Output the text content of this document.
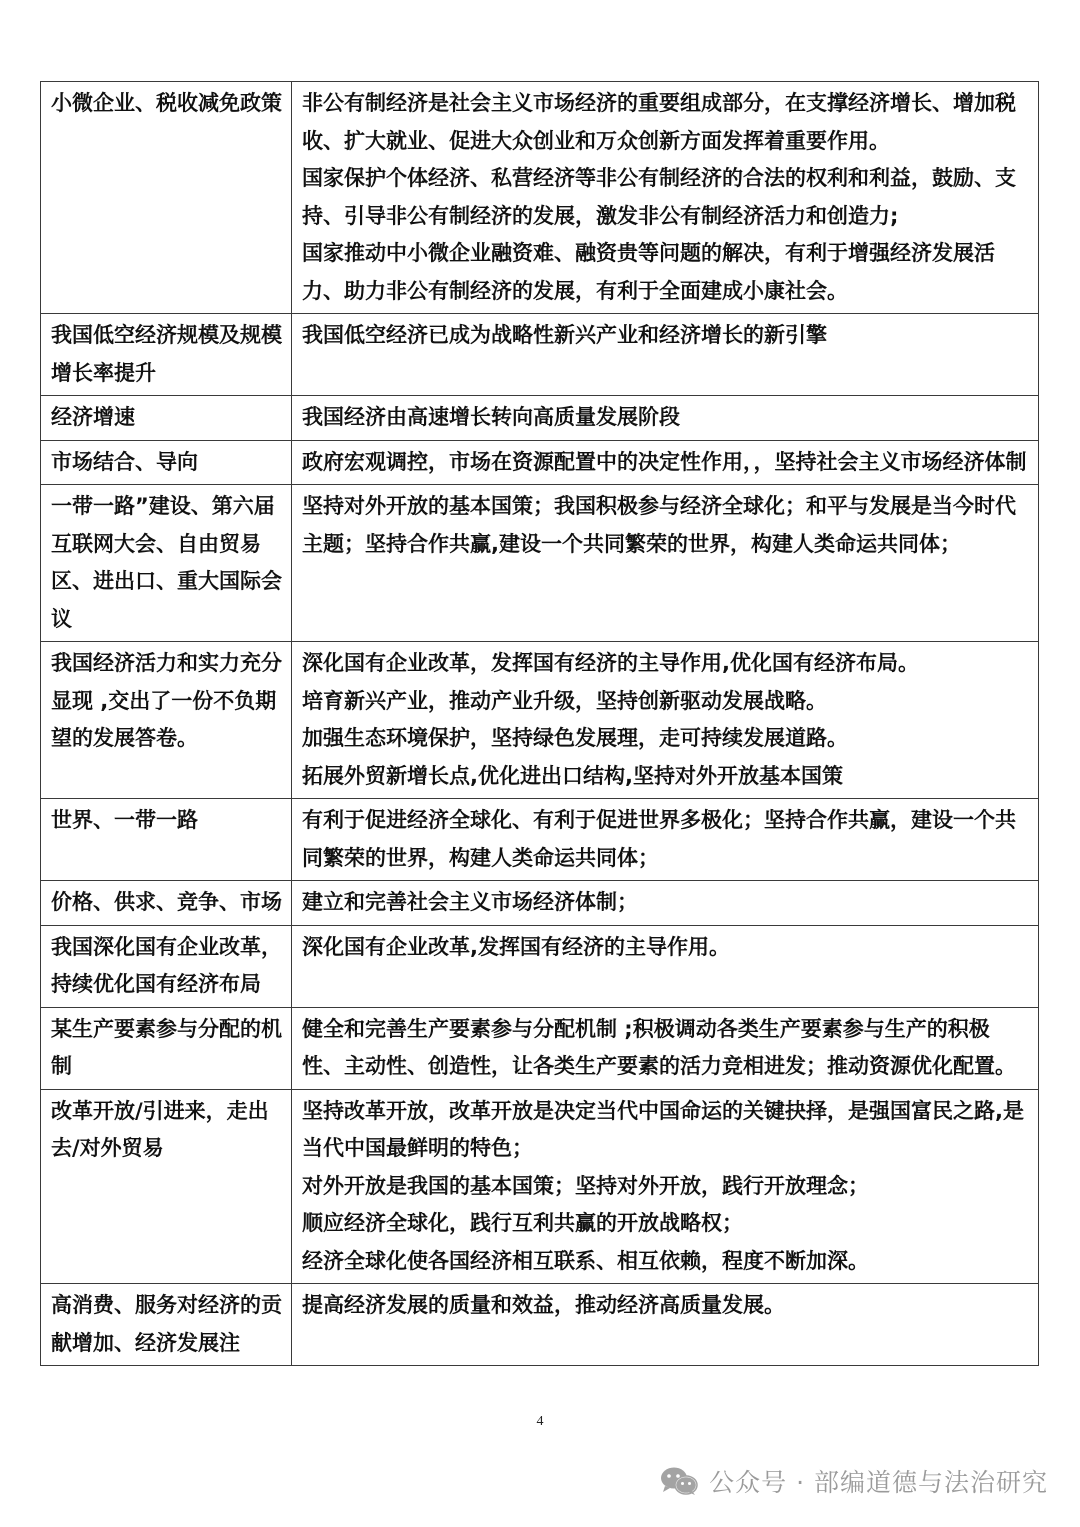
小微企业、税收减免政策	非公有制经济是社会主义市场经济的重要组成部分，在支撑经济增长、增加税收、扩大就业、促进大众创业和万众创新方面发挥着重要作用。
国家保护个体经济、私营经济等非公有制经济的合法的权利和利益，鼓励、支持、引导非公有制经济的发展，激发非公有制经济活力和创造力;
国家推动中小微企业融资难、融资贵等问题的解决，有利于增强经济发展活力、助力非公有制经济的发展，有利于全面建成小康社会。

我国低空经济规模及规模增长率提升	我国低空经济已成为战略性新兴产业和经济增长的新引擎

经济增速	我国经济由高速增长转向高质量发展阶段

市场结合、导向	政府宏观调控，市场在资源配置中的决定性作用，，坚持社会主义市场经济体制

一带一路”建设、第六届互联网大会、自由贸易区、进出口、重大国际会议	坚持对外开放的基本国策；我国积极参与经济全球化；和平与发展是当今时代主题；坚持合作共赢,建设一个共同繁荣的世界，构建人类命运共同体；

我国经济活力和实力充分显现 ,交出了一份不负期望的发展答卷。	深化国有企业改革，发挥国有经济的主导作用,优化国有经济布局。
培育新兴产业，推动产业升级，坚持创新驱动发展战略。
加强生态环境保护，坚持绿色发展理，走可持续发展道路。
拓展外贸新增长点,优化进出口结构,坚持对外开放基本国策

世界、一带一路	有利于促进经济全球化、有利于促进世界多极化；坚持合作共赢，建设一个共同繁荣的世界，构建人类命运共同体；

价格、供求、竞争、市场	建立和完善社会主义市场经济体制；

我国深化国有企业改革，持续优化国有经济布局	深化国有企业改革,发挥国有经济的主导作用。

某生产要素参与分配的机制	健全和完善生产要素参与分配机制 ;积极调动各类生产要素参与生产的积极性、主动性、创造性，让各类生产要素的活力竞相进发；推动资源优化配置。

改革开放/引进来，走出去/对外贸易	坚持改革开放，改革开放是决定当代中国命运的关键抉择，是强国富民之路,是当代中国最鲜明的特色；
对外开放是我国的基本国策；坚持对外开放，践行开放理念；
顺应经济全球化，践行互利共赢的开放战略权；
经济全球化使各国经济相互联系、相互依赖，程度不断加深。

高消费、服务对经济的贡献增加、经济发展注	提高经济发展的质量和效益，推动经济高质量发展。
4
公众号 · 部编道德与法治研究
